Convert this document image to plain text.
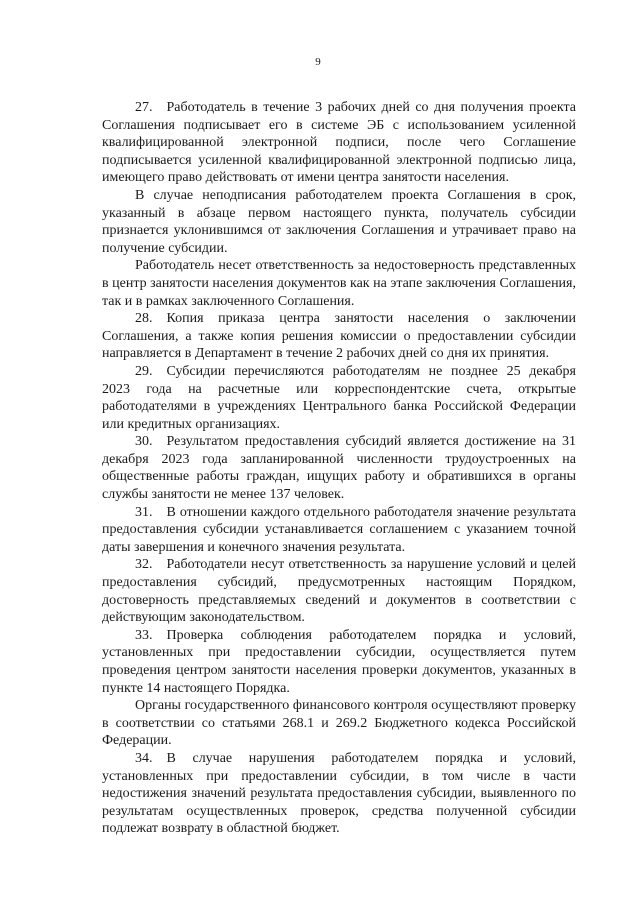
9

27. Работодатель в течение 3 рабочих дней со дня получения проекта Соглашения подписывает его в системе ЭБ с использованием усиленной квалифицированной электронной подписи, после чего Соглашение подписывается усиленной квалифицированной электронной подписью лица, имеющего право действовать от имени центра занятости населения.

В случае неподписания работодателем проекта Соглашения в срок, указанный в абзаце первом настоящего пункта, получатель субсидии признается уклонившимся от заключения Соглашения и утрачивает право на получение субсидии.

Работодатель несет ответственность за недостоверность представленных в центр занятости населения документов как на этапе заключения Соглашения, так и в рамках заключенного Соглашения.

28. Копия приказа центра занятости населения о заключении Соглашения, а также копия решения комиссии о предоставлении субсидии направляется в Департамент в течение 2 рабочих дней со дня их принятия.

29. Субсидии перечисляются работодателям не позднее 25 декабря 2023 года на расчетные или корреспондентские счета, открытые работодателями в учреждениях Центрального банка Российской Федерации или кредитных организациях.

30. Результатом предоставления субсидий является достижение на 31 декабря 2023 года запланированной численности трудоустроенных на общественные работы граждан, ищущих работу и обратившихся в органы службы занятости не менее 137 человек.

31. В отношении каждого отдельного работодателя значение результата предоставления субсидии устанавливается соглашением с указанием точной даты завершения и конечного значения результата.

32. Работодатели несут ответственность за нарушение условий и целей предоставления субсидий, предусмотренных настоящим Порядком, достоверность представляемых сведений и документов в соответствии с действующим законодательством.

33. Проверка соблюдения работодателем порядка и условий, установленных при предоставлении субсидии, осуществляется путем проведения центром занятости населения проверки документов, указанных в пункте 14 настоящего Порядка.

Органы государственного финансового контроля осуществляют проверку в соответствии со статьями 268.1 и 269.2 Бюджетного кодекса Российской Федерации.

34. В случае нарушения работодателем порядка и условий, установленных при предоставлении субсидии, в том числе в части недостижения значений результата предоставления субсидии, выявленного по результатам осуществленных проверок, средства полученной субсидии подлежат возврату в областной бюджет.
